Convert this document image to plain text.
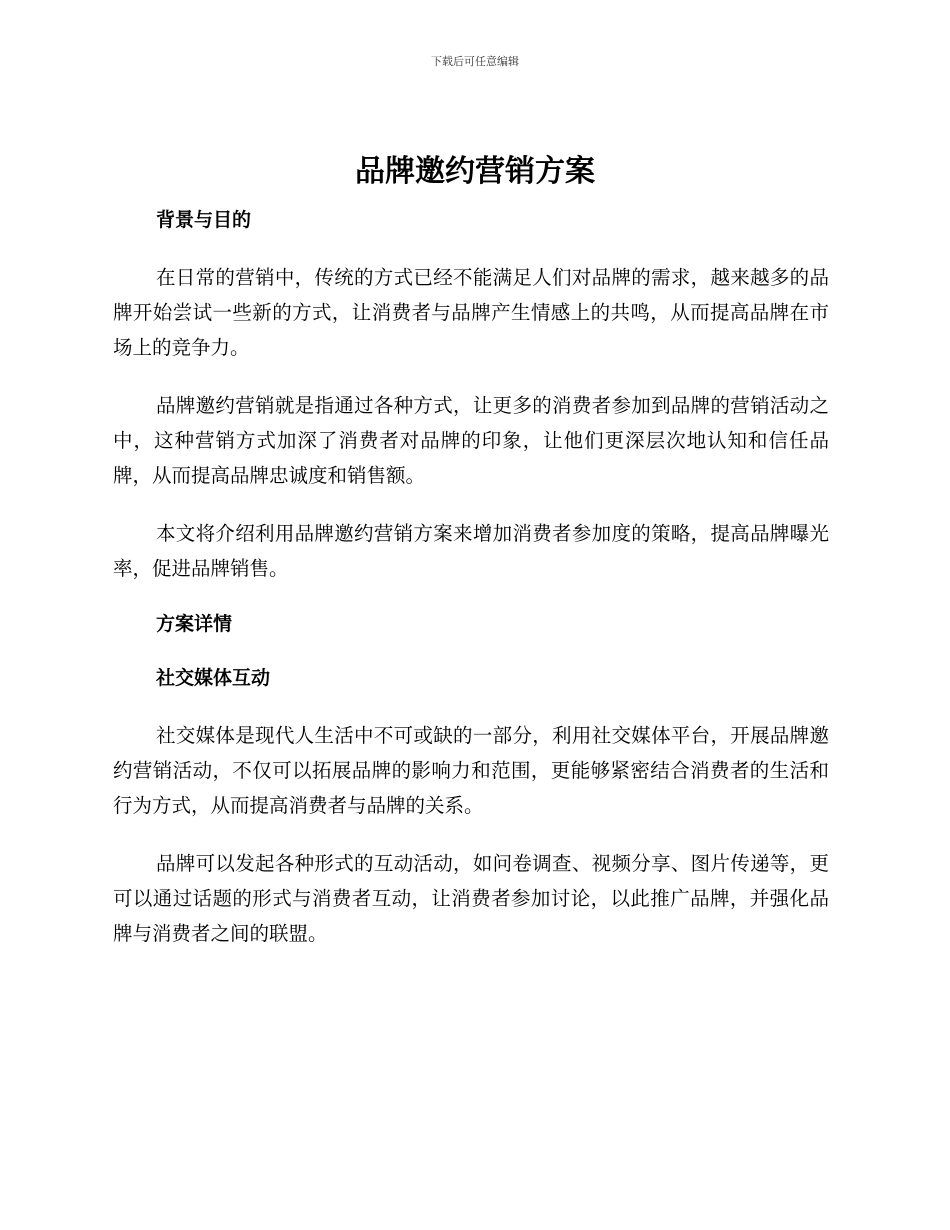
下载后可任意编辑
品牌邀约营销方案
背景与目的

在日常的营销中，传统的方式已经不能满足人们对品牌的需求，越来越多的品牌开始尝试一些新的方式，让消费者与品牌产生情感上的共鸣，从而提高品牌在市场上的竞争力。

品牌邀约营销就是指通过各种方式，让更多的消费者参加到品牌的营销活动之中，这种营销方式加深了消费者对品牌的印象，让他们更深层次地认知和信任品牌，从而提高品牌忠诚度和销售额。

本文将介绍利用品牌邀约营销方案来增加消费者参加度的策略，提高品牌曝光率，促进品牌销售。

方案详情
社交媒体互动

社交媒体是现代人生活中不可或缺的一部分，利用社交媒体平台，开展品牌邀约营销活动，不仅可以拓展品牌的影响力和范围，更能够紧密结合消费者的生活和行为方式，从而提高消费者与品牌的关系。

品牌可以发起各种形式的互动活动，如问卷调查、视频分享、图片传递等，更可以通过话题的形式与消费者互动，让消费者参加讨论，以此推广品牌，并强化品牌与消费者之间的联盟。
